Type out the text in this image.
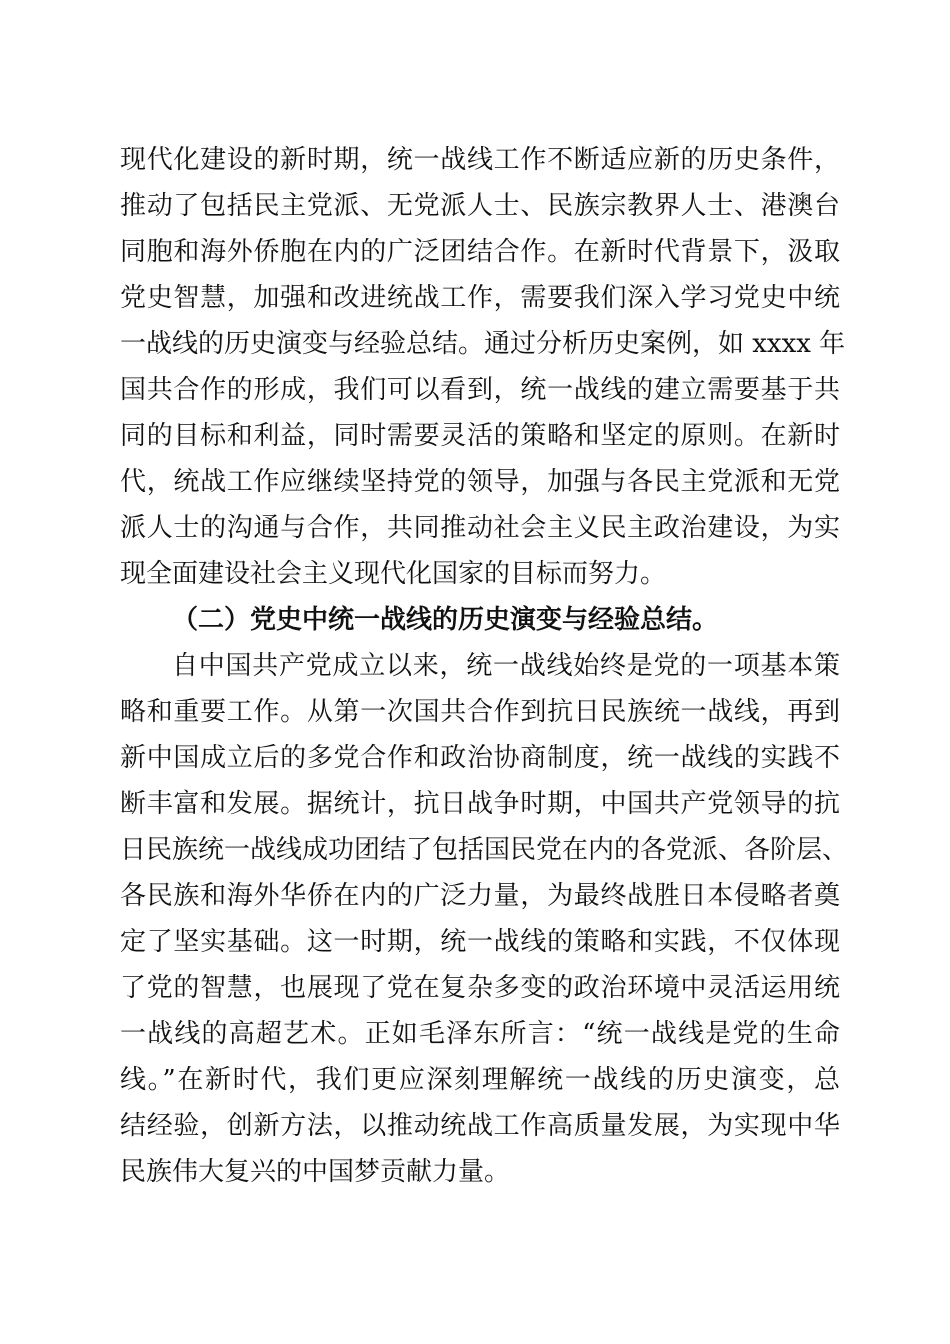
现代化建设的新时期，统一战线工作不断适应新的历史条件，
推动了包括民主党派、无党派人士、民族宗教界人士、港澳台
同胞和海外侨胞在内的广泛团结合作。在新时代背景下，汲取
党史智慧，加强和改进统战工作，需要我们深入学习党史中统
一战线的历史演变与经验总结。通过分析历史案例，如 xxxx 年
国共合作的形成，我们可以看到，统一战线的建立需要基于共
同的目标和利益，同时需要灵活的策略和坚定的原则。在新时
代，统战工作应继续坚持党的领导，加强与各民主党派和无党
派人士的沟通与合作，共同推动社会主义民主政治建设，为实
现全面建设社会主义现代化国家的目标而努力。
（二）党史中统一战线的历史演变与经验总结。
自中国共产党成立以来，统一战线始终是党的一项基本策
略和重要工作。从第一次国共合作到抗日民族统一战线，再到
新中国成立后的多党合作和政治协商制度，统一战线的实践不
断丰富和发展。据统计，抗日战争时期，中国共产党领导的抗
日民族统一战线成功团结了包括国民党在内的各党派、各阶层、
各民族和海外华侨在内的广泛力量，为最终战胜日本侵略者奠
定了坚实基础。这一时期，统一战线的策略和实践，不仅体现
了党的智慧，也展现了党在复杂多变的政治环境中灵活运用统
一战线的高超艺术。正如毛泽东所言：“统一战线是党的生命
线。”在新时代，我们更应深刻理解统一战线的历史演变，总
结经验，创新方法，以推动统战工作高质量发展，为实现中华
民族伟大复兴的中国梦贡献力量。
